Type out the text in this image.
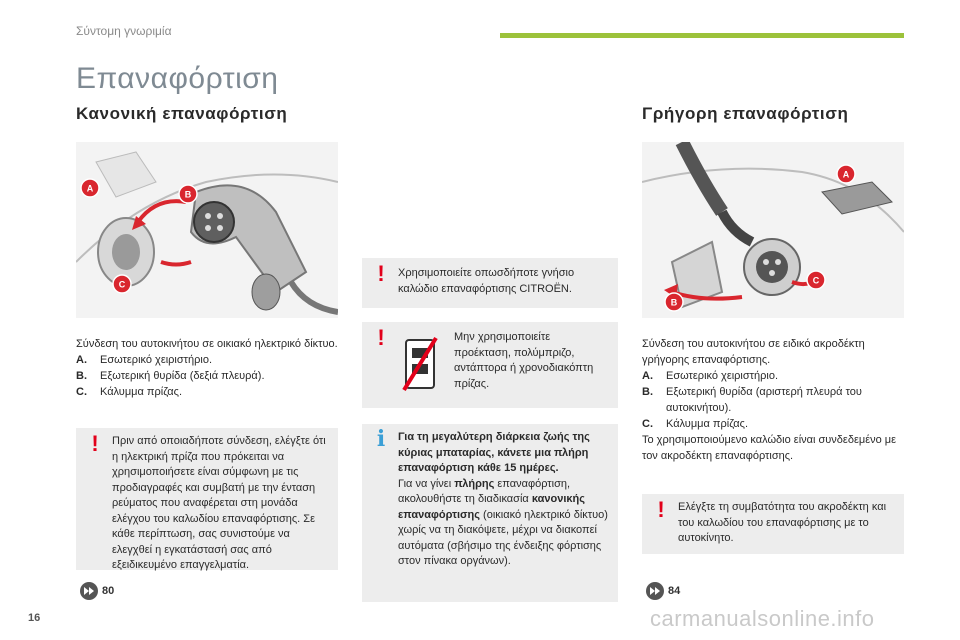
Σύντομη γνωριμία
Επαναφόρτιση
Κανονική επαναφόρτιση
A
B
C
Σύνδεση του αυτοκινήτου σε οικιακό ηλεκτρικό δίκτυο.
A.	Εσωτερικό χειριστήριο.
B.	Εξωτερική θυρίδα (δεξιά πλευρά).
C.	Κάλυμμα πρίζας.
!	Πριν από οποιαδήποτε σύνδεση, ελέγξτε ότι η ηλεκτρική πρίζα που πρόκειται να χρησιμοποιήσετε είναι σύμφωνη με τις προδιαγραφές και συμβατή με την ένταση ρεύματος που αναφέρεται στη μονάδα ελέγχου του καλωδίου επαναφόρτισης. Σε κάθε περίπτωση, σας συνιστούμε να ελεγχθεί η εγκατάστασή σας από εξειδικευμένο επαγγελματία.
80
!	Χρησιμοποιείτε οπωσδήποτε γνήσιο καλώδιο επαναφόρτισης CITROËN.
!	Μην χρησιμοποιείτε προέκταση, πολύμπριζο, αντάπτορα ή χρονοδιακόπτη πρίζας.
i	Για τη μεγαλύτερη διάρκεια ζωής της κύριας μπαταρίας, κάνετε μια πλήρη επαναφόρτιση κάθε 15 ημέρες.
Για να γίνει πλήρης επαναφόρτιση, ακολουθήστε τη διαδικασία κανονικής επαναφόρτισης (οικιακό ηλεκτρικό δίκτυο) χωρίς να τη διακόψετε, μέχρι να διακοπεί αυτόματα (σβήσιμο της ένδειξης φόρτισης στον πίνακα οργάνων).
Γρήγορη επαναφόρτιση
A
B
C
Σύνδεση του αυτοκινήτου σε ειδικό ακροδέκτη γρήγορης επαναφόρτισης.
A.	Εσωτερικό χειριστήριο.
B.	Εξωτερική θυρίδα (αριστερή πλευρά του αυτοκινήτου).
C.	Κάλυμμα πρίζας.
Το χρησιμοποιούμενο καλώδιο είναι συνδεδεμένο με τον ακροδέκτη επαναφόρτισης.
!	Ελέγξτε τη συμβατότητα του ακροδέκτη και του καλωδίου του επαναφόρτισης με το αυτοκίνητο.
84
16	carmanualsonline.info
